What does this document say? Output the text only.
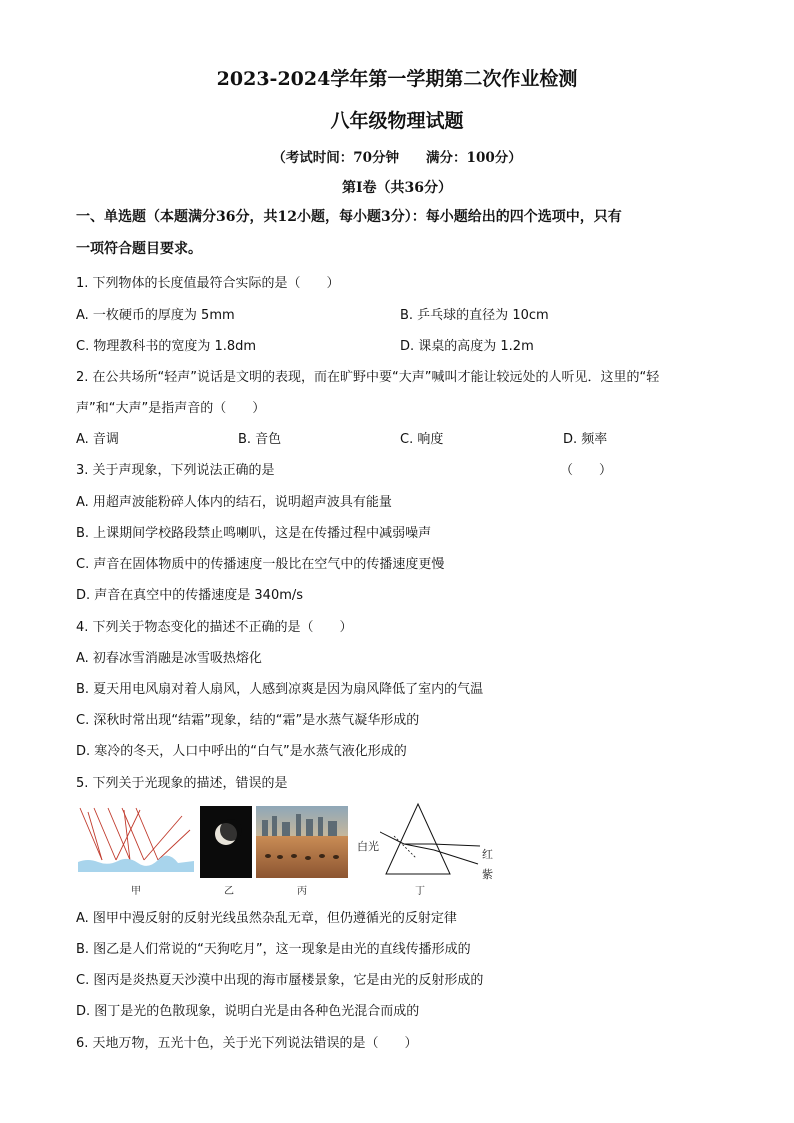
2023-2024学年第一学期第二次作业检测
八年级物理试题
（考试时间：70分钟　　满分：100分）
第Ⅰ卷（共36分）
一、单选题（本题满分36分，共12小题，每小题3分）：每小题给出的四个选项中，只有
一项符合题目要求。
1. 下列物体的长度值最符合实际的是（　　）
A. 一枚硬币的厚度为 5mm	B. 乒乓球的直径为 10cm
C. 物理教科书的宽度为 1.8dm	D. 课桌的高度为 1.2m
2. 在公共场所“轻声”说话是文明的表现，而在旷野中要“大声”喊叫才能让较远处的人听见．这里的“轻
声”和“大声”是指声音的（　　）
A. 音调	B. 音色	C. 响度	D. 频率
3. 关于声现象，下列说法正确的是	（　　）
A. 用超声波能粉碎人体内的结石，说明超声波具有能量
B. 上课期间学校路段禁止鸣喇叭，这是在传播过程中减弱噪声
C. 声音在固体物质中的传播速度一般比在空气中的传播速度更慢
D. 声音在真空中的传播速度是 340m/s
4. 下列关于物态变化的描述不正确的是（　　）
A. 初春冰雪消融是冰雪吸热熔化
B. 夏天用电风扇对着人扇风，人感到凉爽是因为扇风降低了室内的气温
C. 深秋时常出现“结霜”现象，结的“霜”是水蒸气凝华形成的
D. 寒冷的冬天，人口中呼出的“白气”是水蒸气液化形成的
5. 下列关于光现象的描述，错误的是
甲	乙	丙
白光
红
紫
丁
A. 图甲中漫反射的反射光线虽然杂乱无章，但仍遵循光的反射定律
B. 图乙是人们常说的“天狗吃月”，这一现象是由光的直线传播形成的
C. 图丙是炎热夏天沙漠中出现的海市蜃楼景象，它是由光的反射形成的
D. 图丁是光的色散现象，说明白光是由各种色光混合而成的
6. 天地万物，五光十色，关于光下列说法错误的是（　　）
